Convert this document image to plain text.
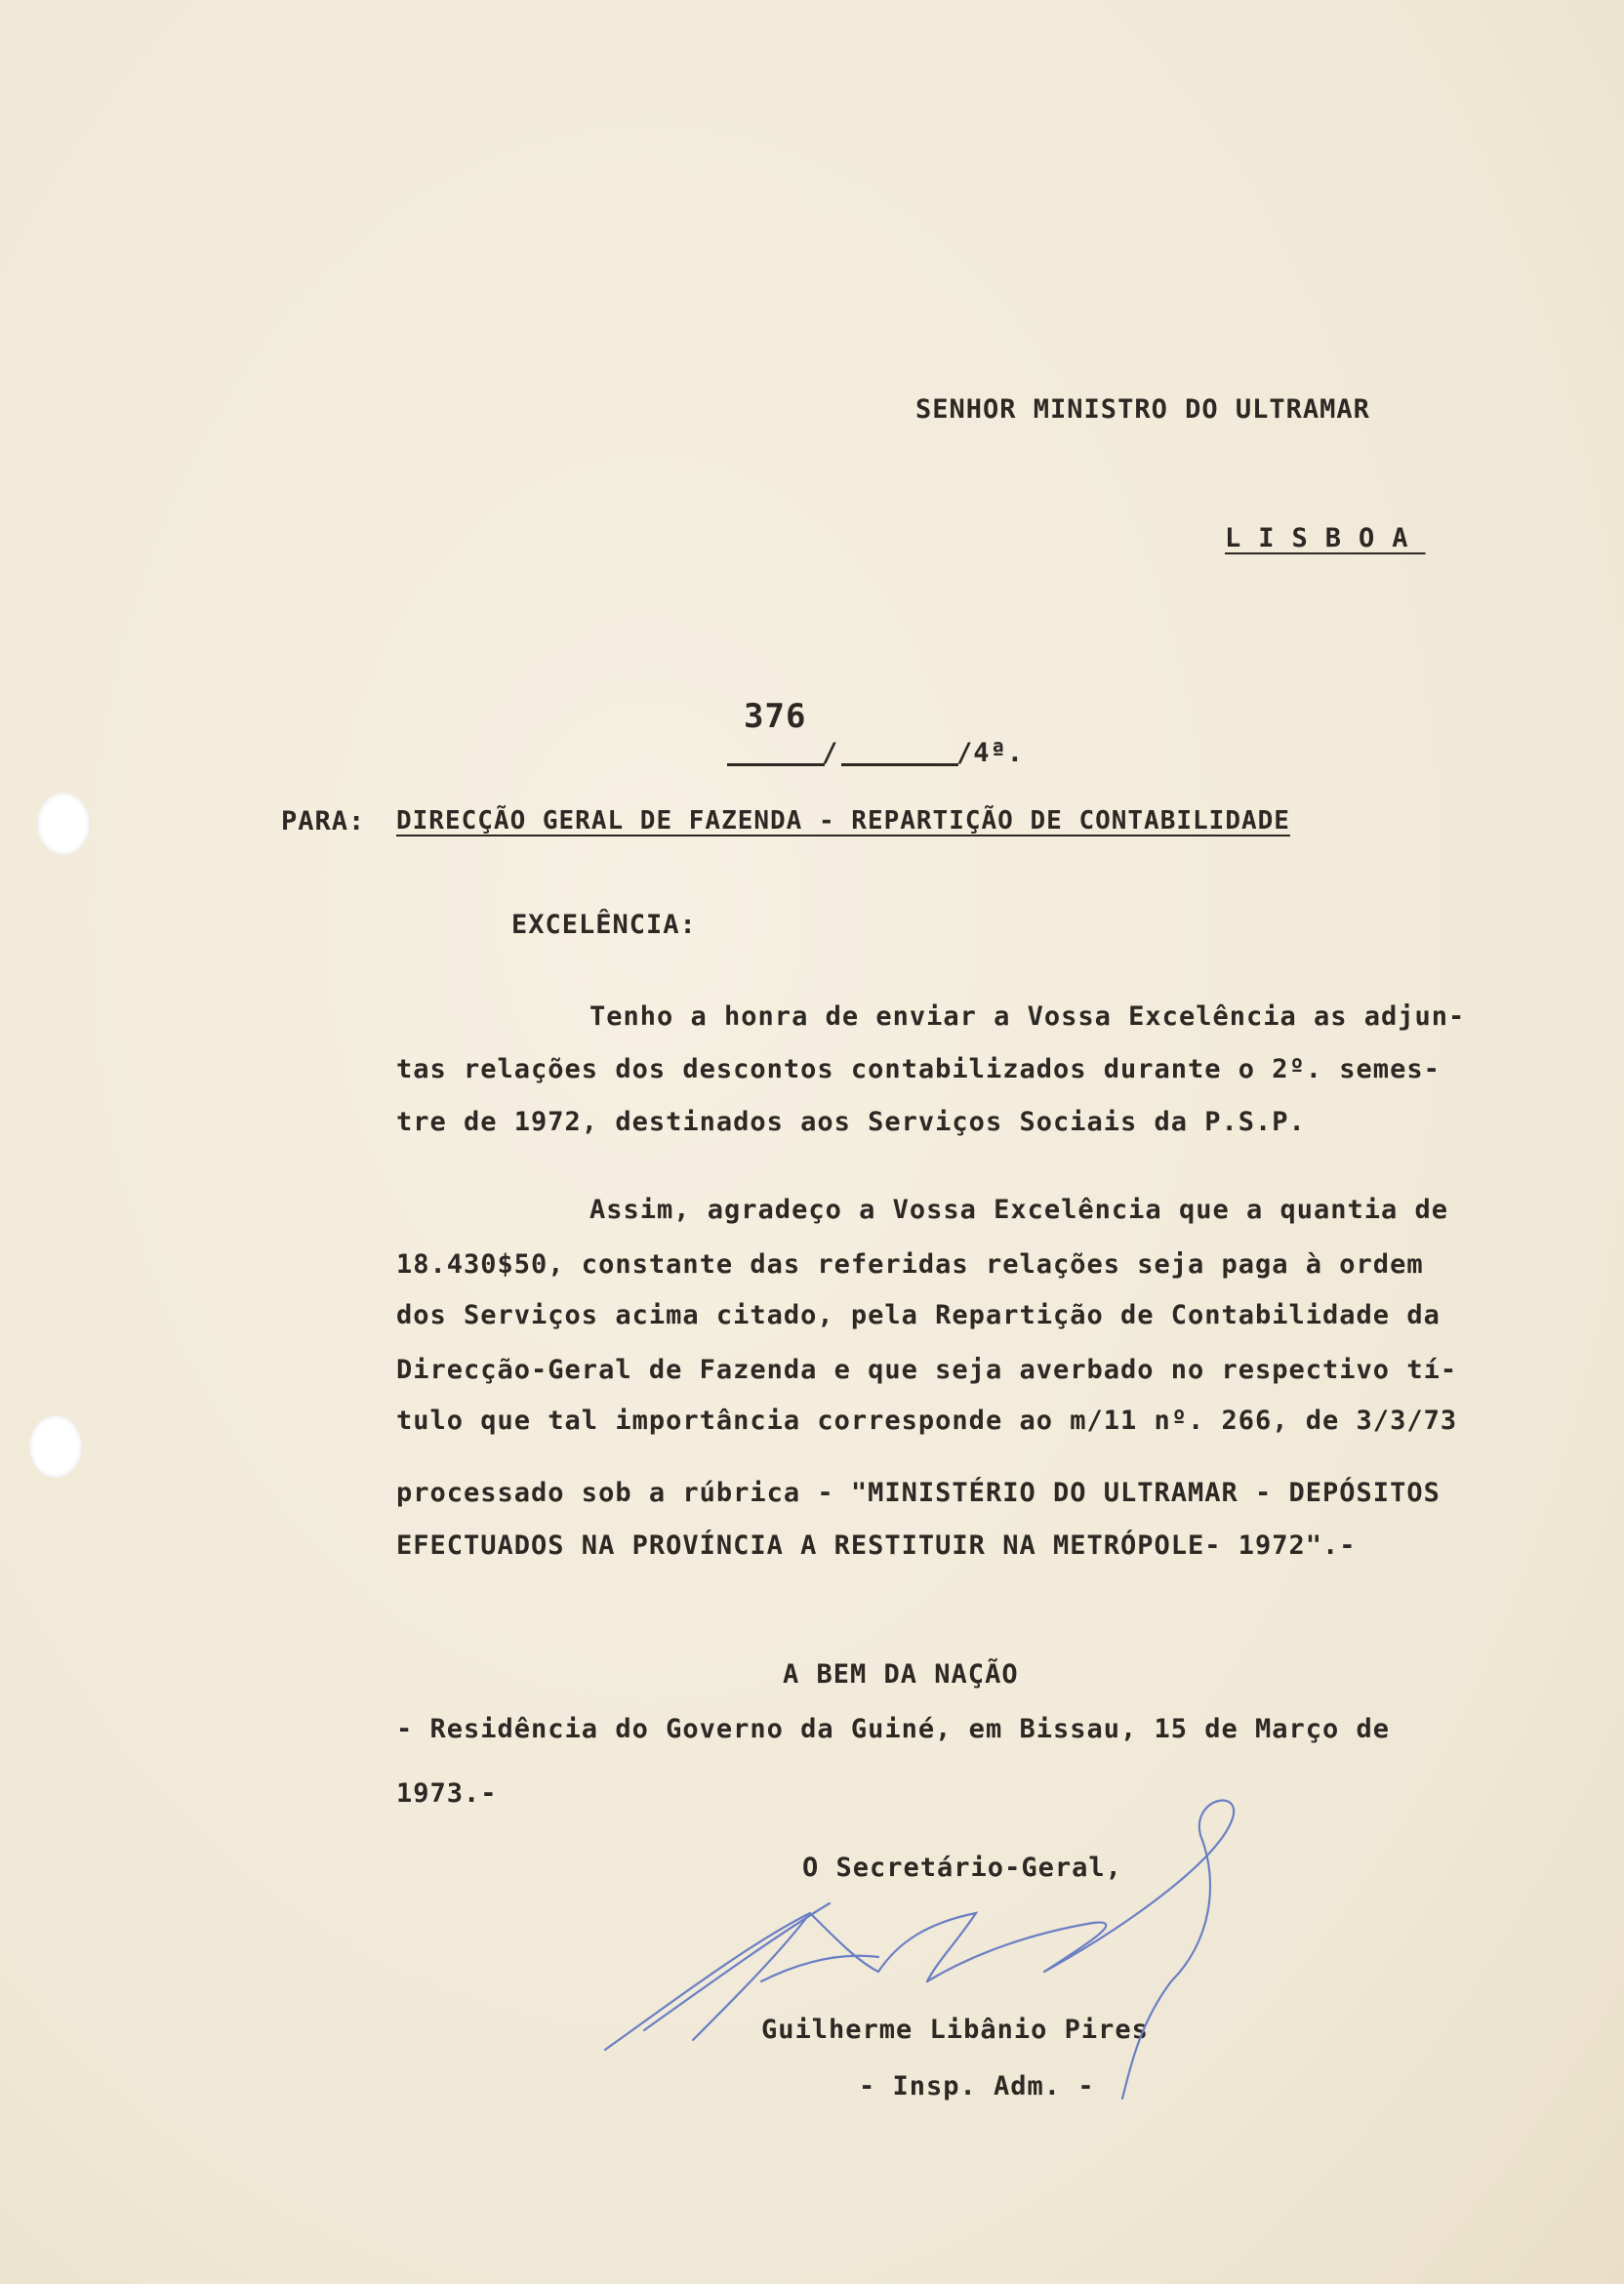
SENHOR MINISTRO DO ULTRAMAR
LISBOA
376
/	/4ª.
PARA: DIRECÇÃO GERAL DE FAZENDA - REPARTIÇÃO DE CONTABILIDADE
EXCELÊNCIA:
Tenho a honra de enviar a Vossa Excelência as adjun-
tas relações dos descontos contabilizados durante o 2º. semes-
tre de 1972, destinados aos Serviços Sociais da P.S.P.
Assim, agradeço a Vossa Excelência que a quantia de
18.430$50, constante das referidas relações seja paga à ordem
dos Serviços acima citado, pela Repartição de Contabilidade da
Direcção-Geral de Fazenda e que seja averbado no respectivo tí-
tulo que tal importância corresponde ao m/11 nº. 266, de 3/3/73
processado sob a rúbrica - "MINISTÉRIO DO ULTRAMAR - DEPÓSITOS
EFECTUADOS NA PROVÍNCIA A RESTITUIR NA METRÓPOLE- 1972".-
A BEM DA NAÇÃO
- Residência do Governo da Guiné, em Bissau, 15 de Março de
1973.-
O Secretário-Geral,
Guilherme Libânio Pires
- Insp. Adm. -
